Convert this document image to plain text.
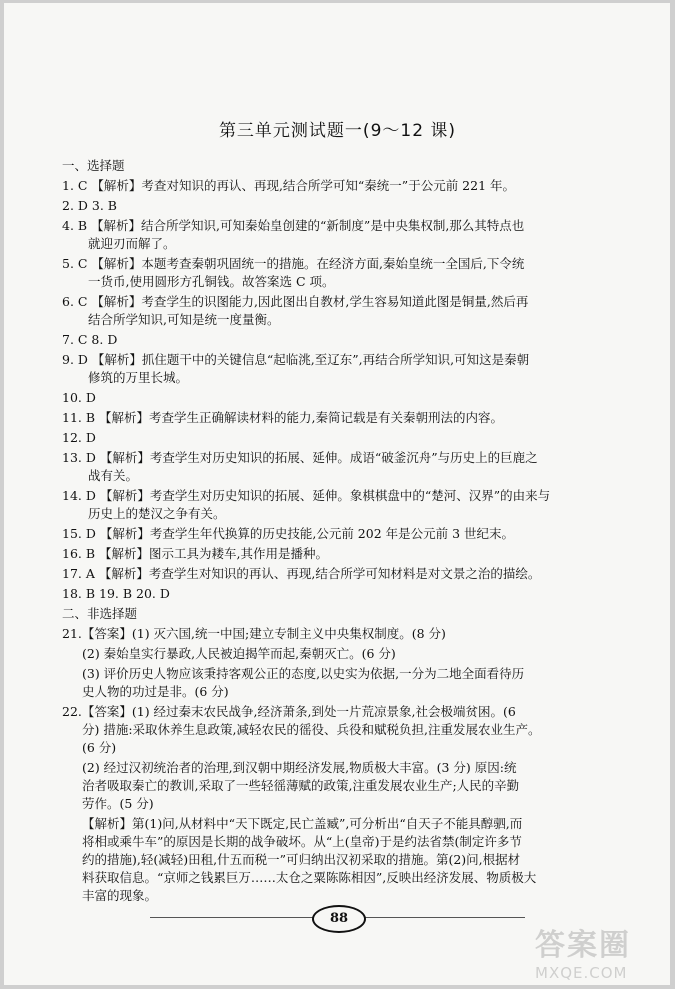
第三单元测试题一(9～12 课)
一、选择题
1. C 【解析】考查对知识的再认、再现,结合所学可知“秦统一”于公元前 221 年。
2. D 3. B
4. B 【解析】结合所学知识,可知秦始皇创建的“新制度”是中央集权制,那么其特点也
就迎刃而解了。
5. C 【解析】本题考查秦朝巩固统一的措施。在经济方面,秦始皇统一全国后,下令统
一货币,使用圆形方孔铜钱。故答案选 C 项。
6. C 【解析】考查学生的识图能力,因此图出自教材,学生容易知道此图是铜量,然后再
结合所学知识,可知是统一度量衡。
7. C 8. D
9. D 【解析】抓住题干中的关键信息“起临洮,至辽东”,再结合所学知识,可知这是秦朝
修筑的万里长城。
10. D
11. B 【解析】考查学生正确解读材料的能力,秦简记载是有关秦朝刑法的内容。
12. D
13. D 【解析】考查学生对历史知识的拓展、延伸。成语“破釜沉舟”与历史上的巨鹿之
战有关。
14. D 【解析】考查学生对历史知识的拓展、延伸。象棋棋盘中的“楚河、汉界”的由来与
历史上的楚汉之争有关。
15. D 【解析】考查学生年代换算的历史技能,公元前 202 年是公元前 3 世纪末。
16. B 【解析】图示工具为耧车,其作用是播种。
17. A 【解析】考查学生对知识的再认、再现,结合所学可知材料是对文景之治的描绘。
18. B 19. B 20. D
二、非选择题
21.【答案】(1) 灭六国,统一中国;建立专制主义中央集权制度。(8 分)
(2) 秦始皇实行暴政,人民被迫揭竿而起,秦朝灭亡。(6 分)
(3) 评价历史人物应该秉持客观公正的态度,以史实为依据,一分为二地全面看待历
史人物的功过是非。(6 分)
22.【答案】(1) 经过秦末农民战争,经济萧条,到处一片荒凉景象,社会极端贫困。(6
分) 措施:采取休养生息政策,减轻农民的徭役、兵役和赋税负担,注重发展农业生产。
(6 分)
(2) 经过汉初统治者的治理,到汉朝中期经济发展,物质极大丰富。(3 分) 原因:统
治者吸取秦亡的教训,采取了一些轻徭薄赋的政策,注重发展农业生产;人民的辛勤
劳作。(5 分)
【解析】第(1)问,从材料中“天下既定,民亡盖臧”,可分析出“自天子不能具醇驷,而
将相或乘牛车”的原因是长期的战争破坏。从“上(皇帝)于是约法省禁(制定许多节
约的措施),轻(减轻)田租,什五而税一”可归纳出汉初采取的措施。第(2)问,根据材
料获取信息。“京师之钱累巨万……太仓之粟陈陈相因”,反映出经济发展、物质极大
丰富的现象。
88
答案圈
MXQE.COM
